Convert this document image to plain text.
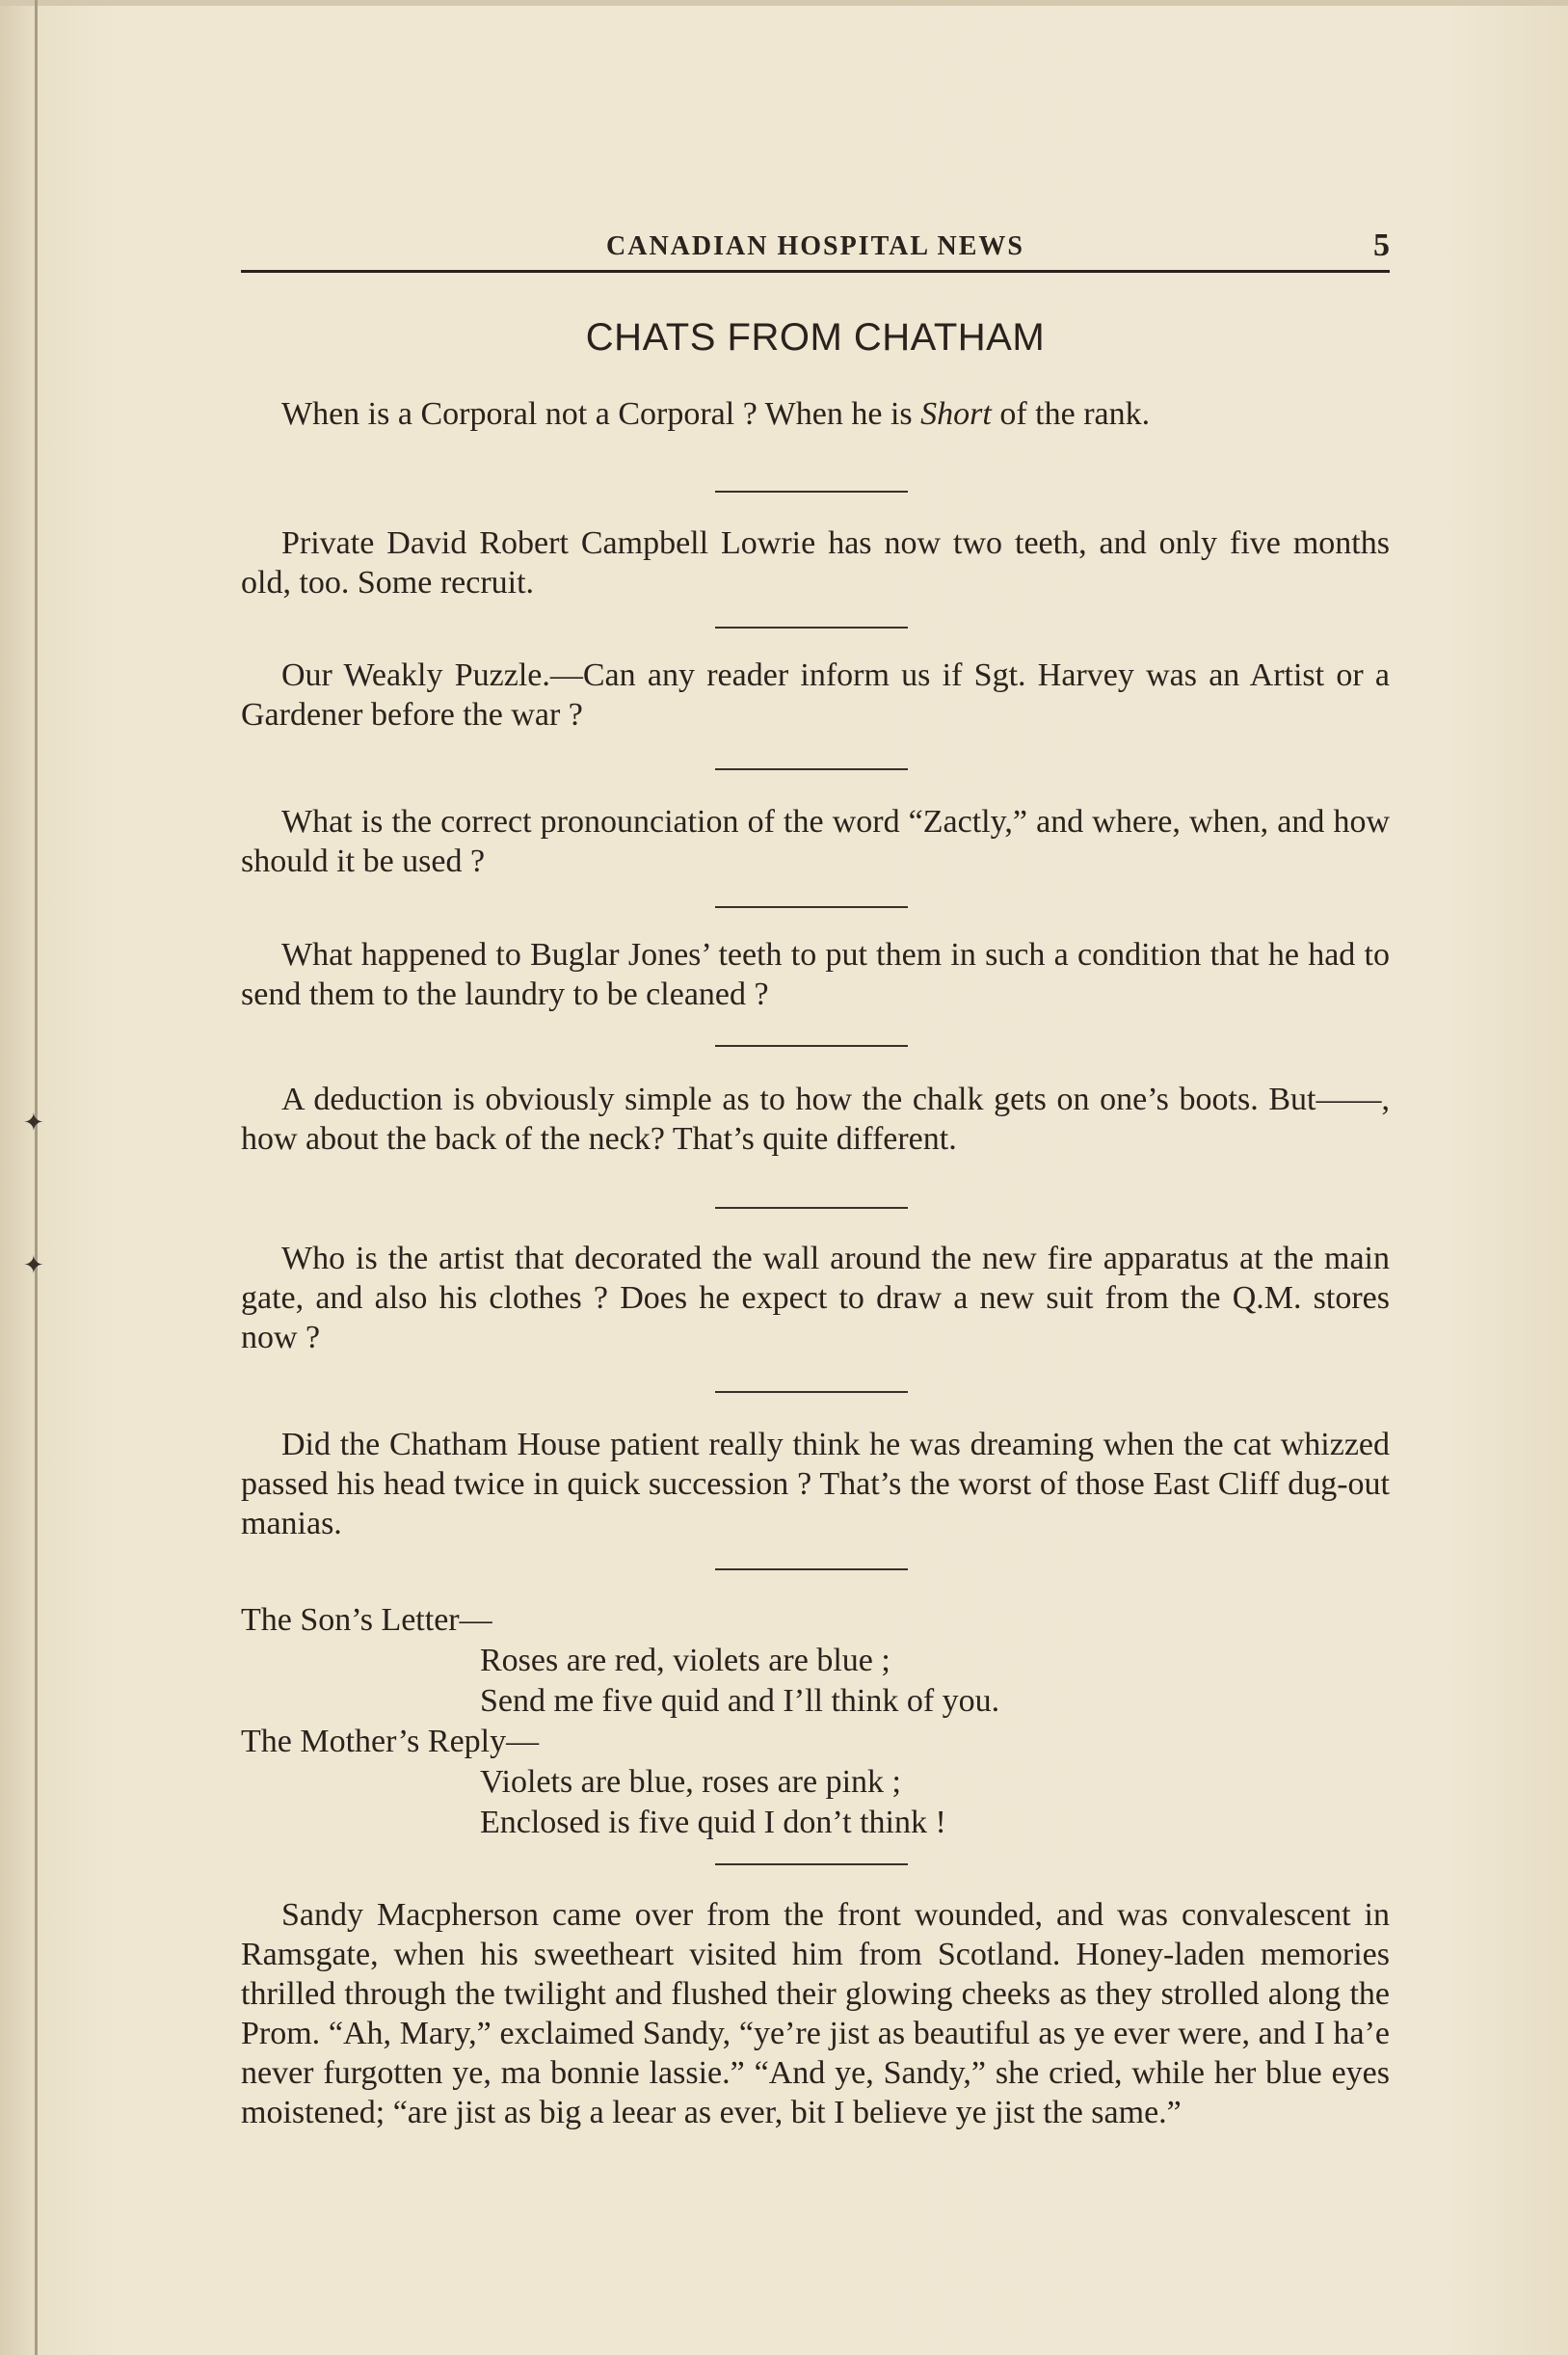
✦
✦
CANADIAN HOSPITAL NEWS	5
CHATS FROM CHATHAM

When is a Corporal not a Corporal ? When he is Short of the rank.

Private David Robert Campbell Lowrie has now two teeth, and only five months old, too. Some recruit.

Our Weakly Puzzle.—Can any reader inform us if Sgt. Harvey was an Artist or a Gardener before the war ?

What is the correct pronounciation of the word “Zactly,” and where, when, and how should it be used ?

What happened to Buglar Jones’ teeth to put them in such a condition that he had to send them to the laundry to be cleaned ?

A deduction is obviously simple as to how the chalk gets on one’s boots. But——, how about the back of the neck? That’s quite different.

Who is the artist that decorated the wall around the new fire apparatus at the main gate, and also his clothes ? Does he expect to draw a new suit from the Q.M. stores now ?

Did the Chatham House patient really think he was dreaming when the cat whizzed passed his head twice in quick succession ? That’s the worst of those East Cliff dug-out manias.

The Son’s Letter—
Roses are red, violets are blue ;
Send me five quid and I’ll think of you.
The Mother’s Reply—
Violets are blue, roses are pink ;
Enclosed is five quid I don’t think !

Sandy Macpherson came over from the front wounded, and was convalescent in Ramsgate, when his sweetheart visited him from Scotland. Honey-laden memories thrilled through the twilight and flushed their glowing cheeks as they strolled along the Prom. “Ah, Mary,” exclaimed Sandy, “ye’re jist as beautiful as ye ever were, and I ha’e never furgotten ye, ma bonnie lassie.” “And ye, Sandy,” she cried, while her blue eyes moistened; “are jist as big a leear as ever, bit I believe ye jist the same.”
